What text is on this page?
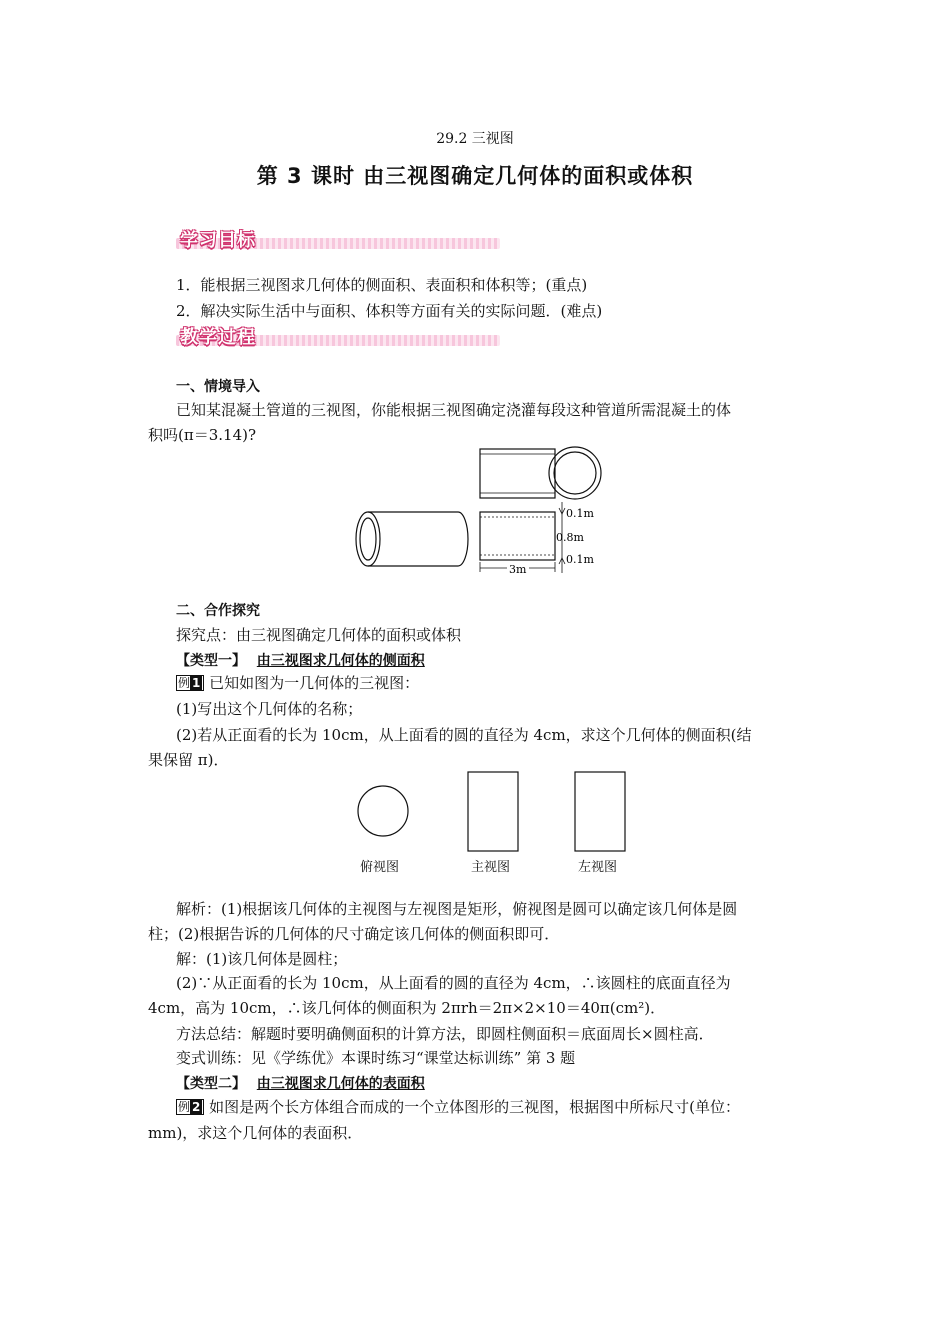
29.2 三视图
第 3 课时 由三视图确定几何体的面积或体积
学习目标
1．能根据三视图求几何体的侧面积、表面积和体积等；(重点)
2．解决实际生活中与面积、体积等方面有关的实际问题．(难点)
教学过程
一、情境导入
已知某混凝土管道的三视图，你能根据三视图确定浇灌每段这种管道所需混凝土的体
积吗(π＝3.14)?
0.1m
0.8m
0.1m
3m
二、合作探究
探究点：由三视图确定几何体的面积或体积
【类型一】 由三视图求几何体的侧面积
例 1 已知如图为一几何体的三视图：
(1)写出这个几何体的名称；
(2)若从正面看的长为 10cm，从上面看的圆的直径为 4cm，求这个几何体的侧面积(结
果保留 π)．
俯视图	主视图	左视图
解析：(1)根据该几何体的主视图与左视图是矩形，俯视图是圆可以确定该几何体是圆
柱；(2)根据告诉的几何体的尺寸确定该几何体的侧面积即可．
解：(1)该几何体是圆柱；
(2)∵从正面看的长为 10cm，从上面看的圆的直径为 4cm，∴该圆柱的底面直径为
4cm，高为 10cm，∴该几何体的侧面积为 2πrh＝2π×2×10＝40π(cm²)．
方法总结：解题时要明确侧面积的计算方法，即圆柱侧面积＝底面周长×圆柱高．
变式训练：见《学练优》本课时练习“课堂达标训练” 第 3 题
【类型二】 由三视图求几何体的表面积
例 2 如图是两个长方体组合而成的一个立体图形的三视图，根据图中所标尺寸(单位：
mm)，求这个几何体的表面积．
